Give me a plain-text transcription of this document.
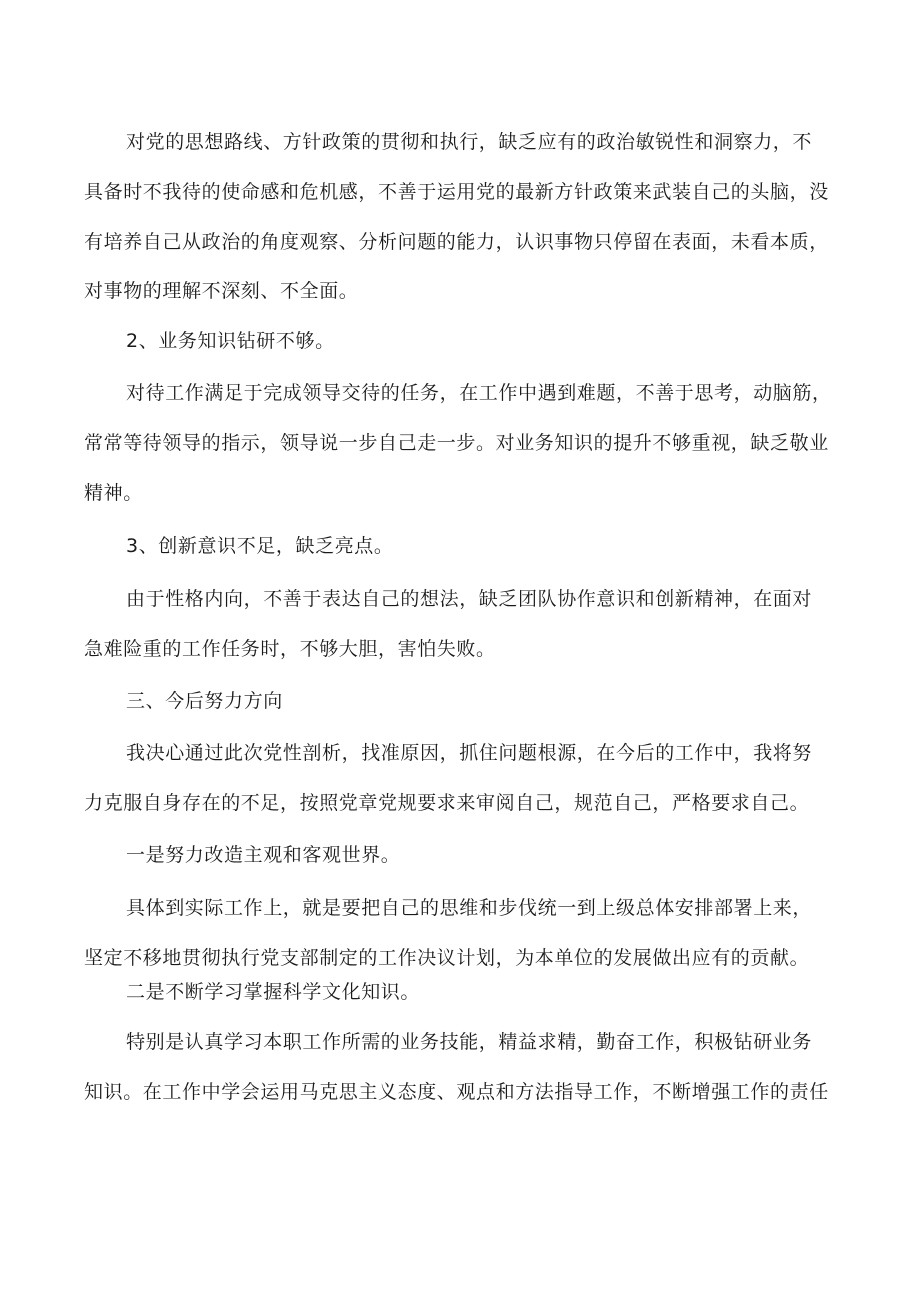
对党的思想路线、方针政策的贯彻和执行，缺乏应有的政治敏锐性和洞察力，不
具备时不我待的使命感和危机感，不善于运用党的最新方针政策来武装自己的头脑，没
有培养自己从政治的角度观察、分析问题的能力，认识事物只停留在表面，未看本质，
对事物的理解不深刻、不全面。
2、业务知识钻研不够。
对待工作满足于完成领导交待的任务，在工作中遇到难题，不善于思考，动脑筋，
常常等待领导的指示，领导说一步自己走一步。对业务知识的提升不够重视，缺乏敬业
精神。
3、创新意识不足，缺乏亮点。
由于性格内向，不善于表达自己的想法，缺乏团队协作意识和创新精神，在面对
急难险重的工作任务时，不够大胆，害怕失败。
三、今后努力方向
我决心通过此次党性剖析，找准原因，抓住问题根源，在今后的工作中，我将努
力克服自身存在的不足，按照党章党规要求来审阅自己，规范自己，严格要求自己。
一是努力改造主观和客观世界。
具体到实际工作上，就是要把自己的思维和步伐统一到上级总体安排部署上来，
坚定不移地贯彻执行党支部制定的工作决议计划，为本单位的发展做出应有的贡献。
二是不断学习掌握科学文化知识。
特别是认真学习本职工作所需的业务技能，精益求精，勤奋工作，积极钻研业务
知识。在工作中学会运用马克思主义态度、观点和方法指导工作，不断增强工作的责任
